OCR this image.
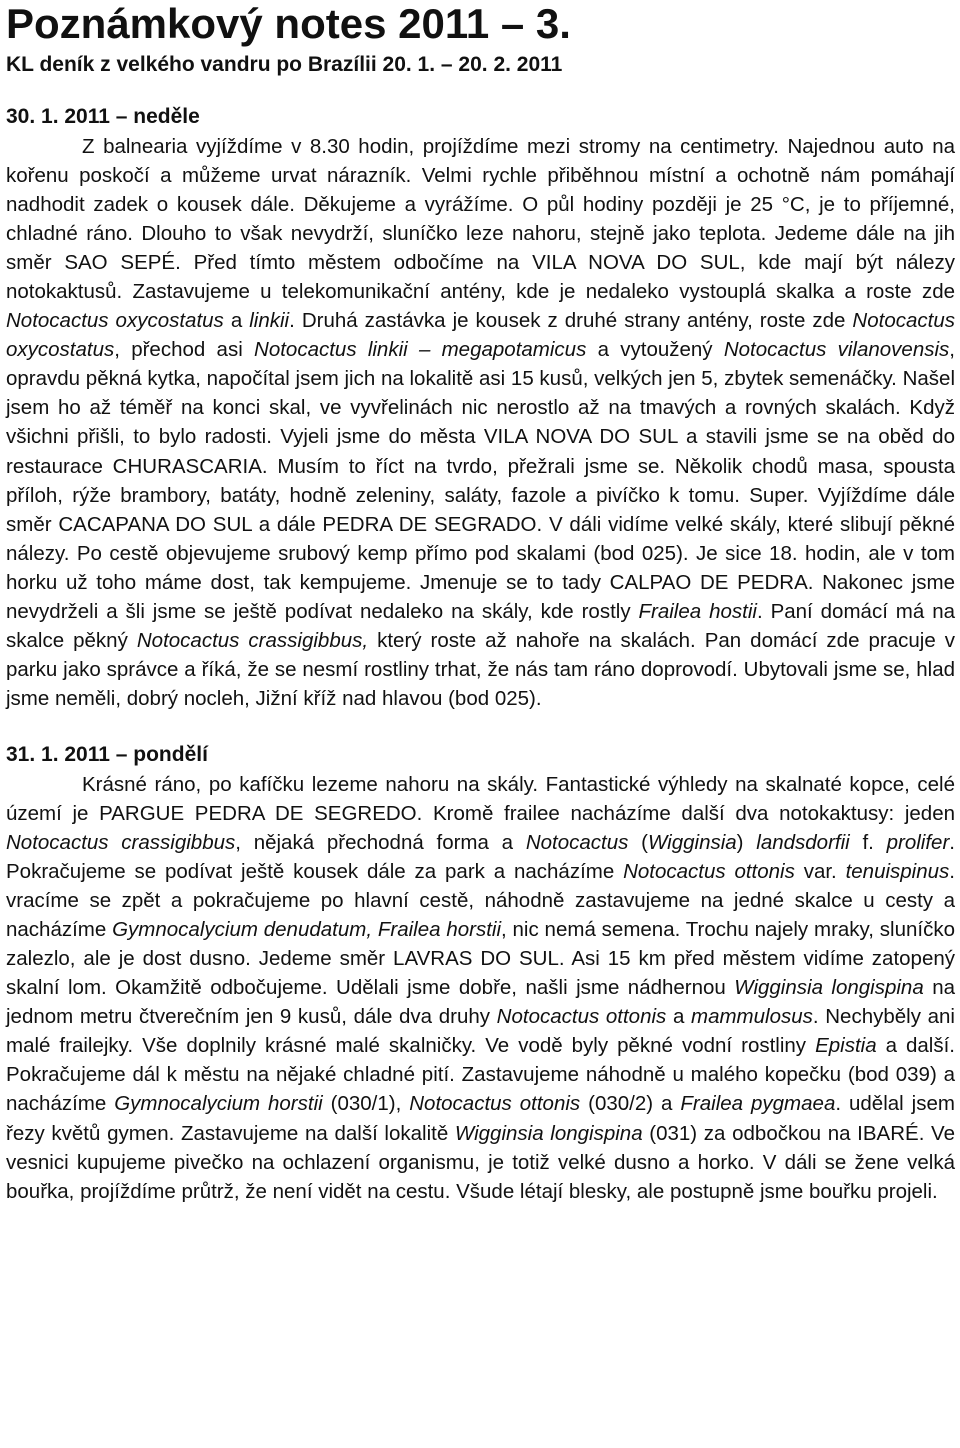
Poznámkový notes 2011 – 3.
KL deník z velkého vandru po Brazílii 20. 1. – 20. 2. 2011
30. 1. 2011 – neděle

Z balnearia vyjíždíme v 8.30 hodin, projíždíme mezi stromy na centimetry. Najednou auto na kořenu poskočí a můžeme urvat nárazník. Velmi rychle přiběhnou místní a ochotně nám pomáhají nadhodit zadek o kousek dále. Děkujeme a vyrážíme. O půl hodiny později je 25 °C, je to příjemné, chladné ráno. Dlouho to však nevydrží, sluníčko leze nahoru, stejně jako teplota. Jedeme dále na jih směr SAO SEPÉ. Před tímto městem odbočíme na VILA NOVA DO SUL, kde mají být nálezy notokaktusů. Zastavujeme u telekomunikační antény, kde je nedaleko vystouplá skalka a roste zde Notocactus oxycostatus a linkii. Druhá zastávka je kousek z druhé strany antény, roste zde Notocactus oxycostatus, přechod asi Notocactus linkii – megapotamicus a vytoužený Notocactus vilanovensis, opravdu pěkná kytka, napočítal jsem jich na lokalitě asi 15 kusů, velkých jen 5, zbytek semenáčky. Našel jsem ho až téměř na konci skal, ve vyvřelinách nic nerostlo až na tmavých a rovných skalách. Když všichni přišli, to bylo radosti. Vyjeli jsme do města VILA NOVA DO SUL a stavili jsme se na oběd do restaurace CHURASCARIA. Musím to říct na tvrdo, přežrali jsme se. Několik chodů masa, spousta příloh, rýže brambory, batáty, hodně zeleniny, saláty, fazole a pivíčko k tomu. Super. Vyjíždíme dále směr CACAPANA DO SUL a dále PEDRA DE SEGRADO. V dáli vidíme velké skály, které slibují pěkné nálezy. Po cestě objevujeme srubový kemp přímo pod skalami (bod 025). Je sice 18. hodin, ale v tom horku už toho máme dost, tak kempujeme. Jmenuje se to tady CALPAO DE PEDRA. Nakonec jsme nevydrželi a šli jsme se ještě podívat nedaleko na skály, kde rostly Frailea hostii. Paní domácí má na skalce pěkný Notocactus crassigibbus, který roste až nahoře na skalách. Pan domácí zde pracuje v parku jako správce a říká, že se nesmí rostliny trhat, že nás tam ráno doprovodí. Ubytovali jsme se, hlad jsme neměli, dobrý nocleh, Jižní kříž nad hlavou (bod 025).

31. 1. 2011 – pondělí

Krásné ráno, po kafíčku lezeme nahoru na skály. Fantastické výhledy na skalnaté kopce, celé území je PARGUE PEDRA DE SEGREDO. Kromě frailee nacházíme další dva notokaktusy: jeden Notocactus crassigibbus, nějaká přechodná forma a Notocactus (Wigginsia) landsdorfii f. prolifer. Pokračujeme se podívat ještě kousek dále za park a nacházíme Notocactus ottonis var. tenuispinus. vracíme se zpět a pokračujeme po hlavní cestě, náhodně zastavujeme na jedné skalce u cesty a nacházíme Gymnocalycium denudatum, Frailea horstii, nic nemá semena. Trochu najely mraky, sluníčko zalezlo, ale je dost dusno. Jedeme směr LAVRAS DO SUL. Asi 15 km před městem vidíme zatopený skalní lom. Okamžitě odbočujeme. Udělali jsme dobře, našli jsme nádhernou Wigginsia longispina na jednom metru čtverečním jen 9 kusů, dále dva druhy Notocactus ottonis a mammulosus. Nechyběly ani malé frailejky. Vše doplnily krásné malé skalničky. Ve vodě byly pěkné vodní rostliny Epistia a další. Pokračujeme dál k městu na nějaké chladné pití. Zastavujeme náhodně u malého kopečku (bod 039) a nacházíme Gymnocalycium horstii (030/1), Notocactus ottonis (030/2) a Frailea pygmaea. udělal jsem řezy květů gymen. Zastavujeme na další lokalitě Wigginsia longispina (031) za odbočkou na IBARÉ. Ve vesnici kupujeme pivečko na ochlazení organismu, je totiž velké dusno a horko. V dáli se žene velká bouřka, projíždíme průtrž, že není vidět na cestu. Všude létají blesky, ale postupně jsme bouřku projeli.
